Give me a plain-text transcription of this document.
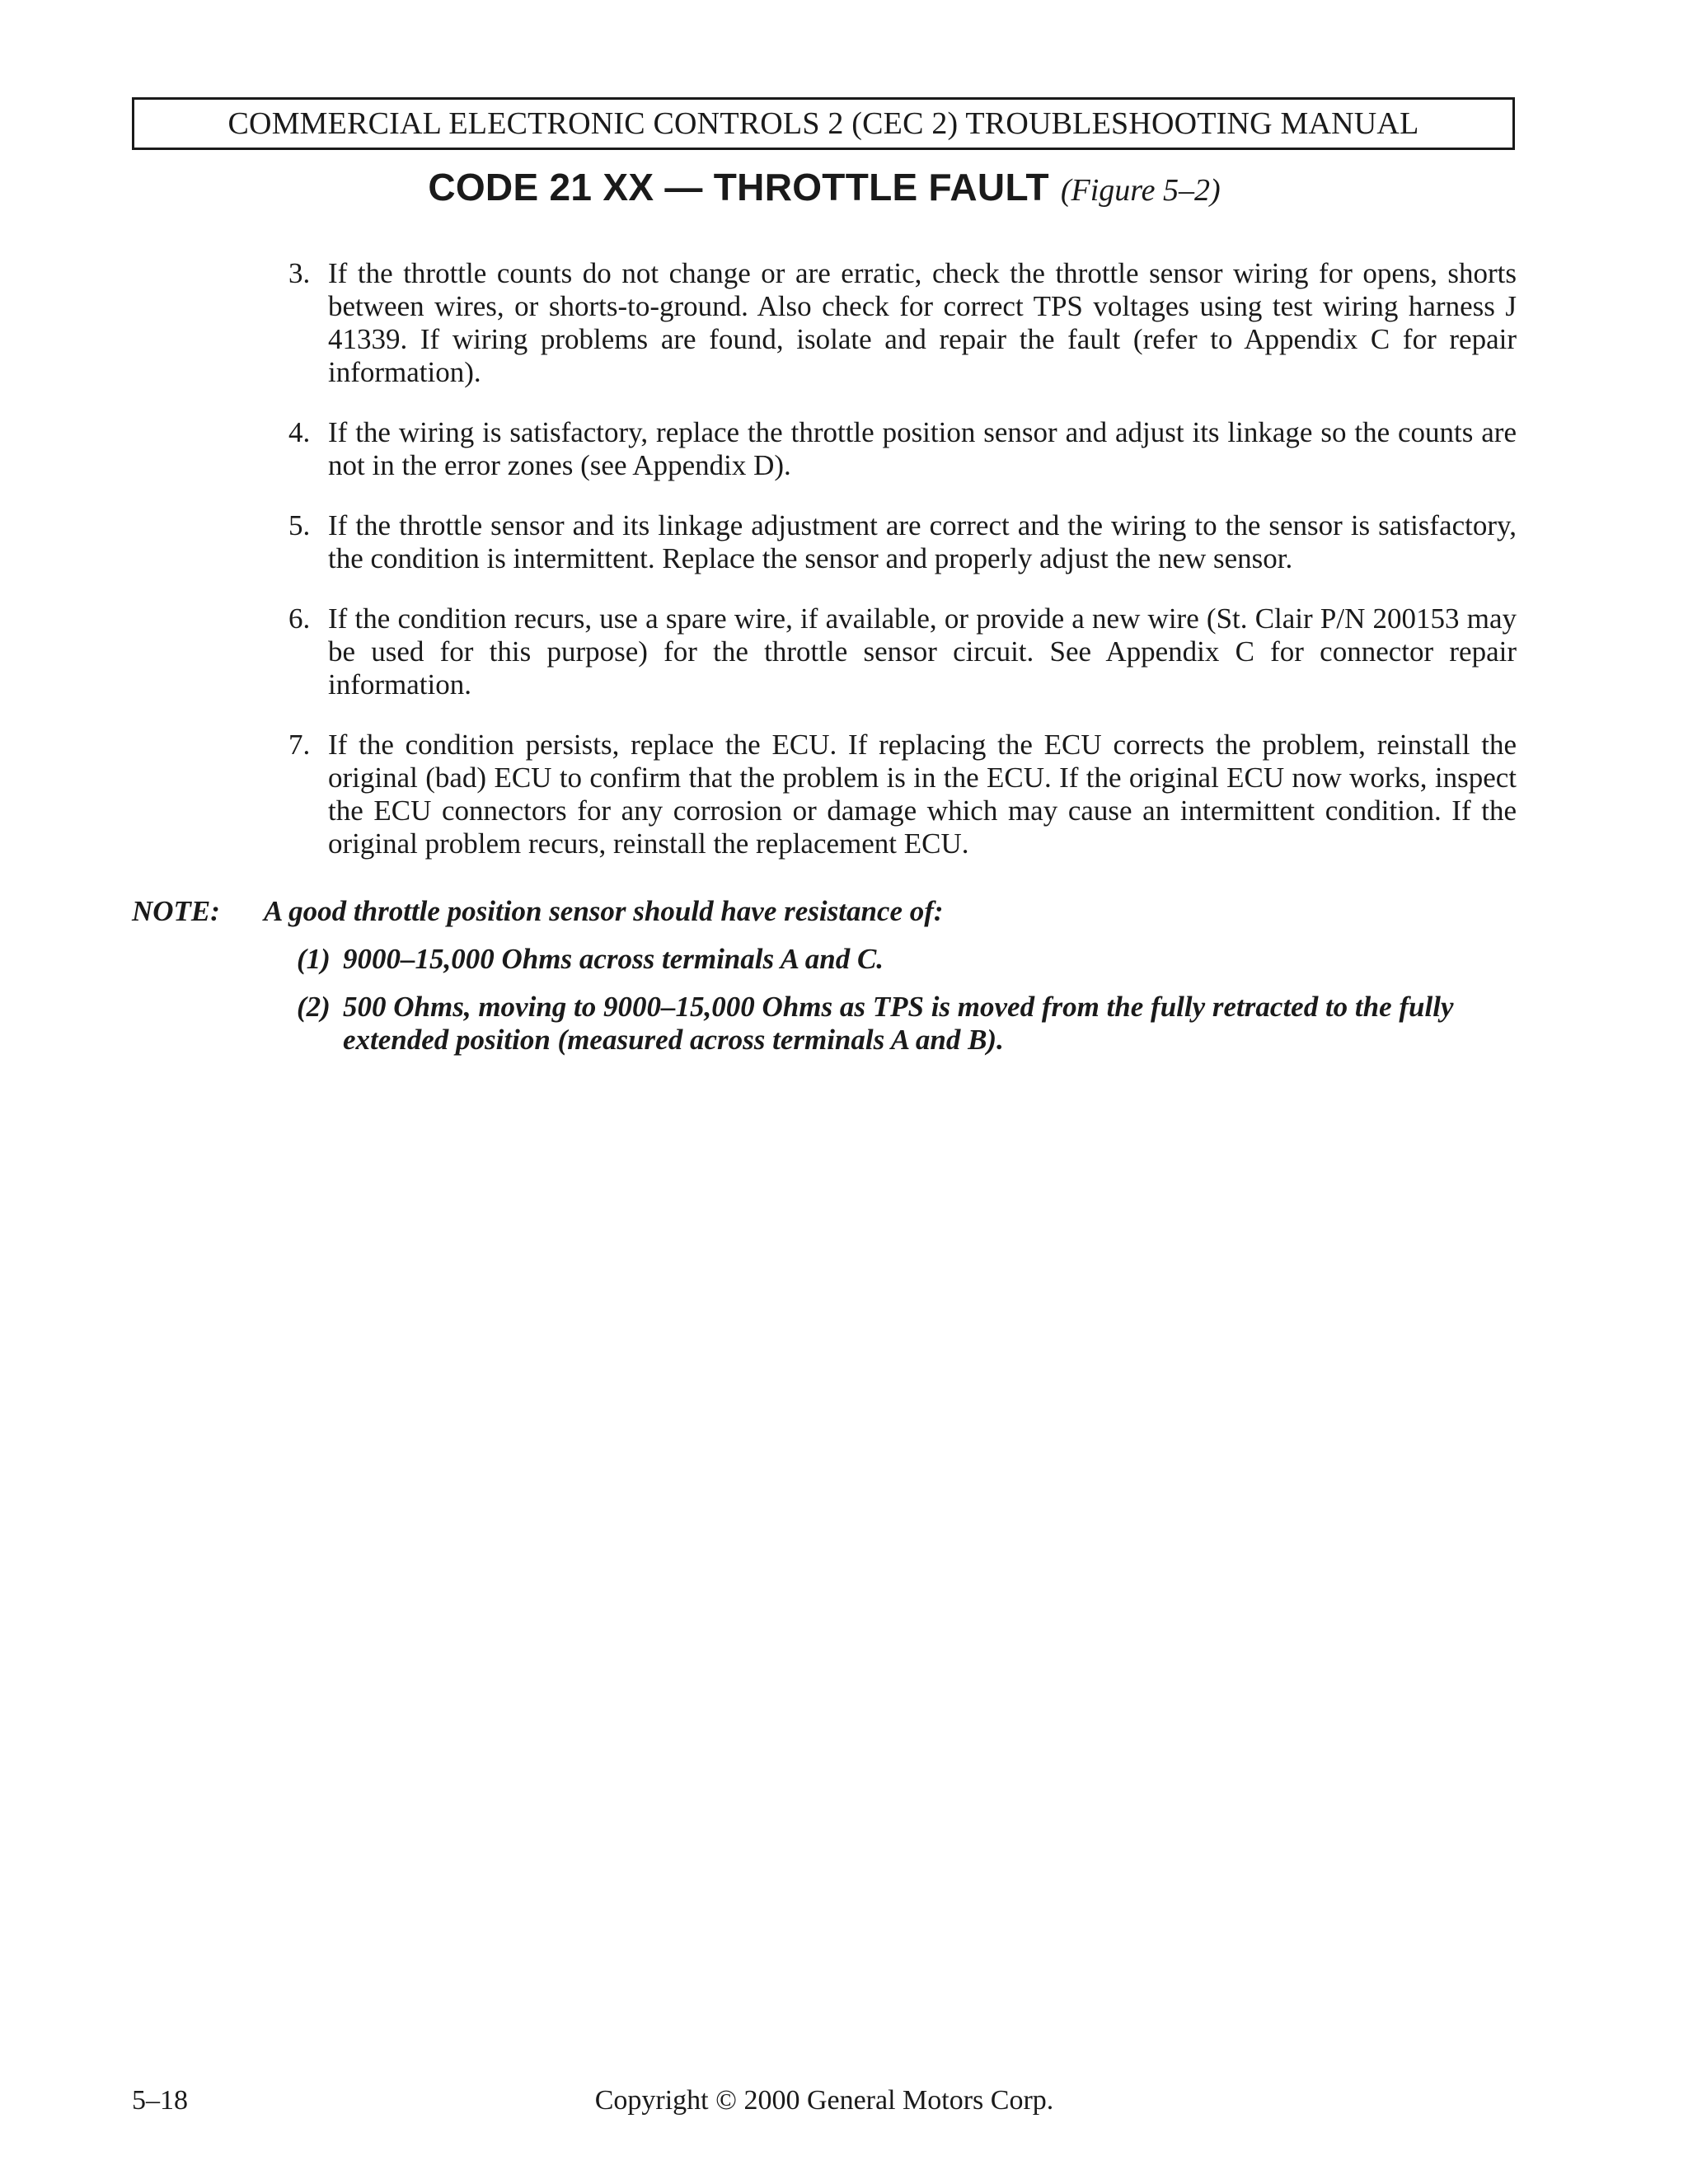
COMMERCIAL ELECTRONIC CONTROLS 2 (CEC 2) TROUBLESHOOTING MANUAL
CODE 21 XX — THROTTLE FAULT (Figure 5–2)
3. If the throttle counts do not change or are erratic, check the throttle sensor wiring for opens, shorts between wires, or shorts-to-ground. Also check for correct TPS voltages using test wiring harness J 41339. If wiring problems are found, isolate and repair the fault (refer to Appendix C for repair information).
4. If the wiring is satisfactory, replace the throttle position sensor and adjust its linkage so the counts are not in the error zones (see Appendix D).
5. If the throttle sensor and its linkage adjustment are correct and the wiring to the sensor is satisfactory, the condition is intermittent. Replace the sensor and properly adjust the new sensor.
6. If the condition recurs, use a spare wire, if available, or provide a new wire (St. Clair P/N 200153 may be used for this purpose) for the throttle sensor circuit. See Appendix C for connector repair information.
7. If the condition persists, replace the ECU. If replacing the ECU corrects the problem, reinstall the original (bad) ECU to confirm that the problem is in the ECU. If the original ECU now works, inspect the ECU connectors for any corrosion or damage which may cause an intermittent condition. If the original problem recurs, reinstall the replacement ECU.
NOTE:	A good throttle position sensor should have resistance of:
(1) 9000–15,000 Ohms across terminals A and C.
(2) 500 Ohms, moving to 9000–15,000 Ohms as TPS is moved from the fully retracted to the fully extended position (measured across terminals A and B).
5–18	Copyright © 2000 General Motors Corp.
